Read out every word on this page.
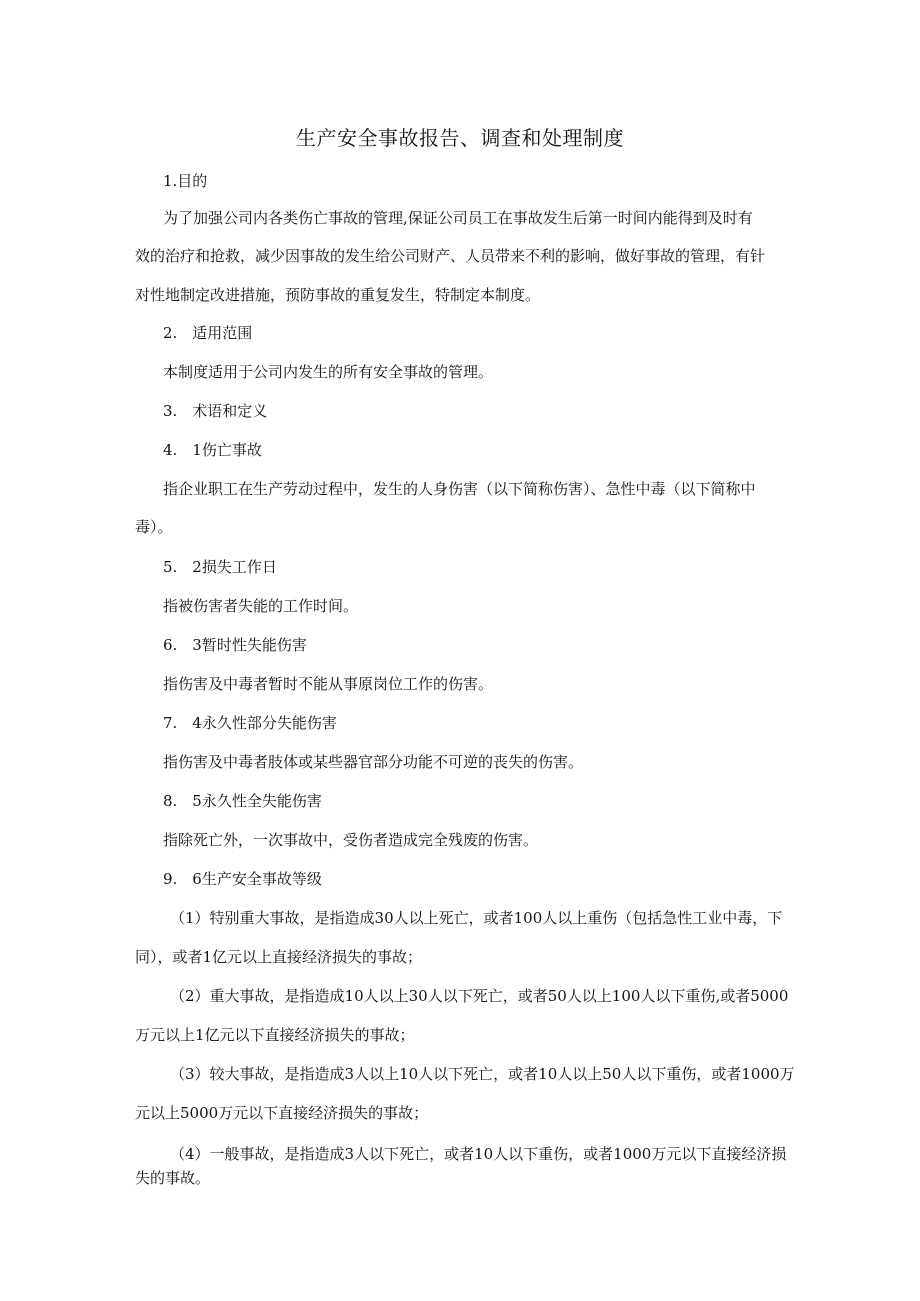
生产安全事故报告、调查和处理制度
1.目的
为了加强公司内各类伤亡事故的管理,保证公司员工在事故发生后第一时间内能得到及时有
效的治疗和抢救，减少因事故的发生给公司财产、人员带来不利的影响，做好事故的管理，有针
对性地制定改进措施，预防事故的重复发生，特制定本制度。
2.　适用范围
本制度适用于公司内发生的所有安全事故的管理。
3.　术语和定义
4.　1伤亡事故
指企业职工在生产劳动过程中，发生的人身伤害（以下简称伤害）、急性中毒（以下简称中
毒）。
5.　2损失工作日
指被伤害者失能的工作时间。
6.　3暂时性失能伤害
指伤害及中毒者暂时不能从事原岗位工作的伤害。
7.　4永久性部分失能伤害
指伤害及中毒者肢体或某些器官部分功能不可逆的丧失的伤害。
8.　5永久性全失能伤害
指除死亡外，一次事故中，受伤者造成完全残废的伤害。
9.　6生产安全事故等级
（1）特别重大事故，是指造成30人以上死亡，或者100人以上重伤（包括急性工业中毒，下
同），或者1亿元以上直接经济损失的事故；
（2）重大事故，是指造成10人以上30人以下死亡，或者50人以上100人以下重伤,或者5000
万元以上1亿元以下直接经济损失的事故；
（3）较大事故，是指造成3人以上10人以下死亡，或者10人以上50人以下重伤，或者1000万
元以上5000万元以下直接经济损失的事故；
（4）一般事故，是指造成3人以下死亡，或者10人以下重伤，或者1000万元以下直接经济损
失的事故。
